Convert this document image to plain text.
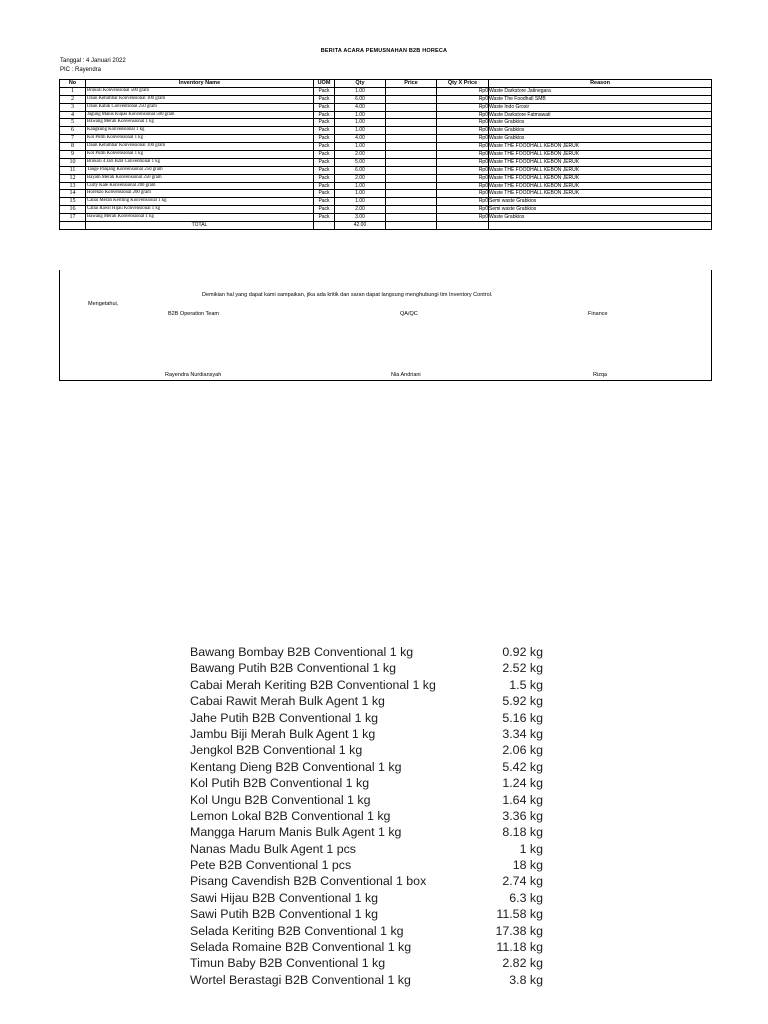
BERITA ACARA PEMUSNAHAN B2B HORECA
Tanggal : 4 Januari 2022
PIC : Rayendra
No	Inventory Name	UOM	Qty	Price	Qty X Price	Reason
1	Brokoli Konvensional 500 gram	Pack	1.00		Rp0	Waste Darkstore Jatinegara
2	Daun Ketumbar Konvensional 100 gram	Pack	6.00		Rp0	Waste The Foodhall SMB
3	Daun Katuk Conventional 250 gram	Pack	4.00		Rp0	Waste Indo Grosir
4	Jagung Manis Kupas Konvensional 500 gram	Pack	1.00		Rp0	Waste Darkstore Fatmawati
5	Bawang Merah Konvensional 1 kg	Pack	1.00		Rp0	Waste Grabkios
6	Kangkung Konvensional 1 kg	Pack	1.00		Rp0	Waste Grabkios
7	Kol Putih Konvensional 1 kg	Pack	4.00		Rp0	Waste Grabkios
8	Daun Ketumbar Konvensional 100 gram	Pack	1.00		Rp0	Waste THE FOODHALL KEBON JERUK
9	Kol Putih Konvensional 1 kg	Pack	2.00		Rp0	Waste THE FOODHALL KEBON JERUK
10	Brokoli 4 Jari B2B Conventional 1 kg	Pack	5.00		Rp0	Waste THE FOODHALL KEBON JERUK
11	Tauge Panjang Konvensional 250 gram	Pack	6.00		Rp0	Waste THE FOODHALL KEBON JERUK
12	Bayam Merah Konvensional 250 gram	Pack	2.00		Rp0	Waste THE FOODHALL KEBON JERUK
13	Curly Kale Konvensional 200 gram	Pack	1.00		Rp0	Waste THE FOODHALL KEBON JERUK
14	Horenzo Konvensional 200 gram	Pack	1.00		Rp0	Waste THE FOODHALL KEBON JERUK
15	Cabai Merah Keriting Konvensional 1 kg	Pack	1.00		Rp0	Semi waste Grabkios
16	Cabai Rawit Hijau Konvensional 1 kg	Pack	2.00		Rp0	Semi waste Grabkios
17	Bawang Merah Konvensional 1 kg	Pack	3.00		Rp0	Waste Grabkios
	TOTAL		42.00			
Demikian hal yang dapat kami sampaikan, jika ada kritik dan saran dapat langsung menghubungi tim Inventory Control.
Mengetahui,
B2B Operation Team	QA/QC	Finance
Rayendra Nurdiansyah	Nia Andriani	Rizqa
Bawang Bombay B2B Conventional 1 kg	0.92 kg
Bawang Putih B2B Conventional 1 kg	2.52 kg
Cabai Merah Keriting B2B Conventional 1 kg	1.5 kg
Cabai Rawit Merah Bulk Agent 1 kg	5.92 kg
Jahe Putih B2B Conventional 1 kg	5.16 kg
Jambu Biji Merah Bulk Agent 1 kg	3.34 kg
Jengkol B2B Conventional 1 kg	2.06 kg
Kentang Dieng B2B Conventional 1 kg	5.42 kg
Kol Putih B2B Conventional 1 kg	1.24 kg
Kol Ungu B2B Conventional 1 kg	1.64 kg
Lemon Lokal B2B Conventional 1 kg	3.36 kg
Mangga Harum Manis Bulk Agent 1 kg	8.18 kg
Nanas Madu Bulk Agent 1 pcs	1 kg
Pete B2B Conventional 1 pcs	18 kg
Pisang Cavendish B2B Conventional 1 box	2.74 kg
Sawi Hijau B2B Conventional 1 kg	6.3 kg
Sawi Putih B2B Conventional 1 kg	11.58 kg
Selada Keriting B2B Conventional 1 kg	17.38 kg
Selada Romaine B2B Conventional 1 kg	11.18 kg
Timun Baby B2B Conventional 1 kg	2.82 kg
Wortel Berastagi B2B Conventional 1 kg	3.8 kg
